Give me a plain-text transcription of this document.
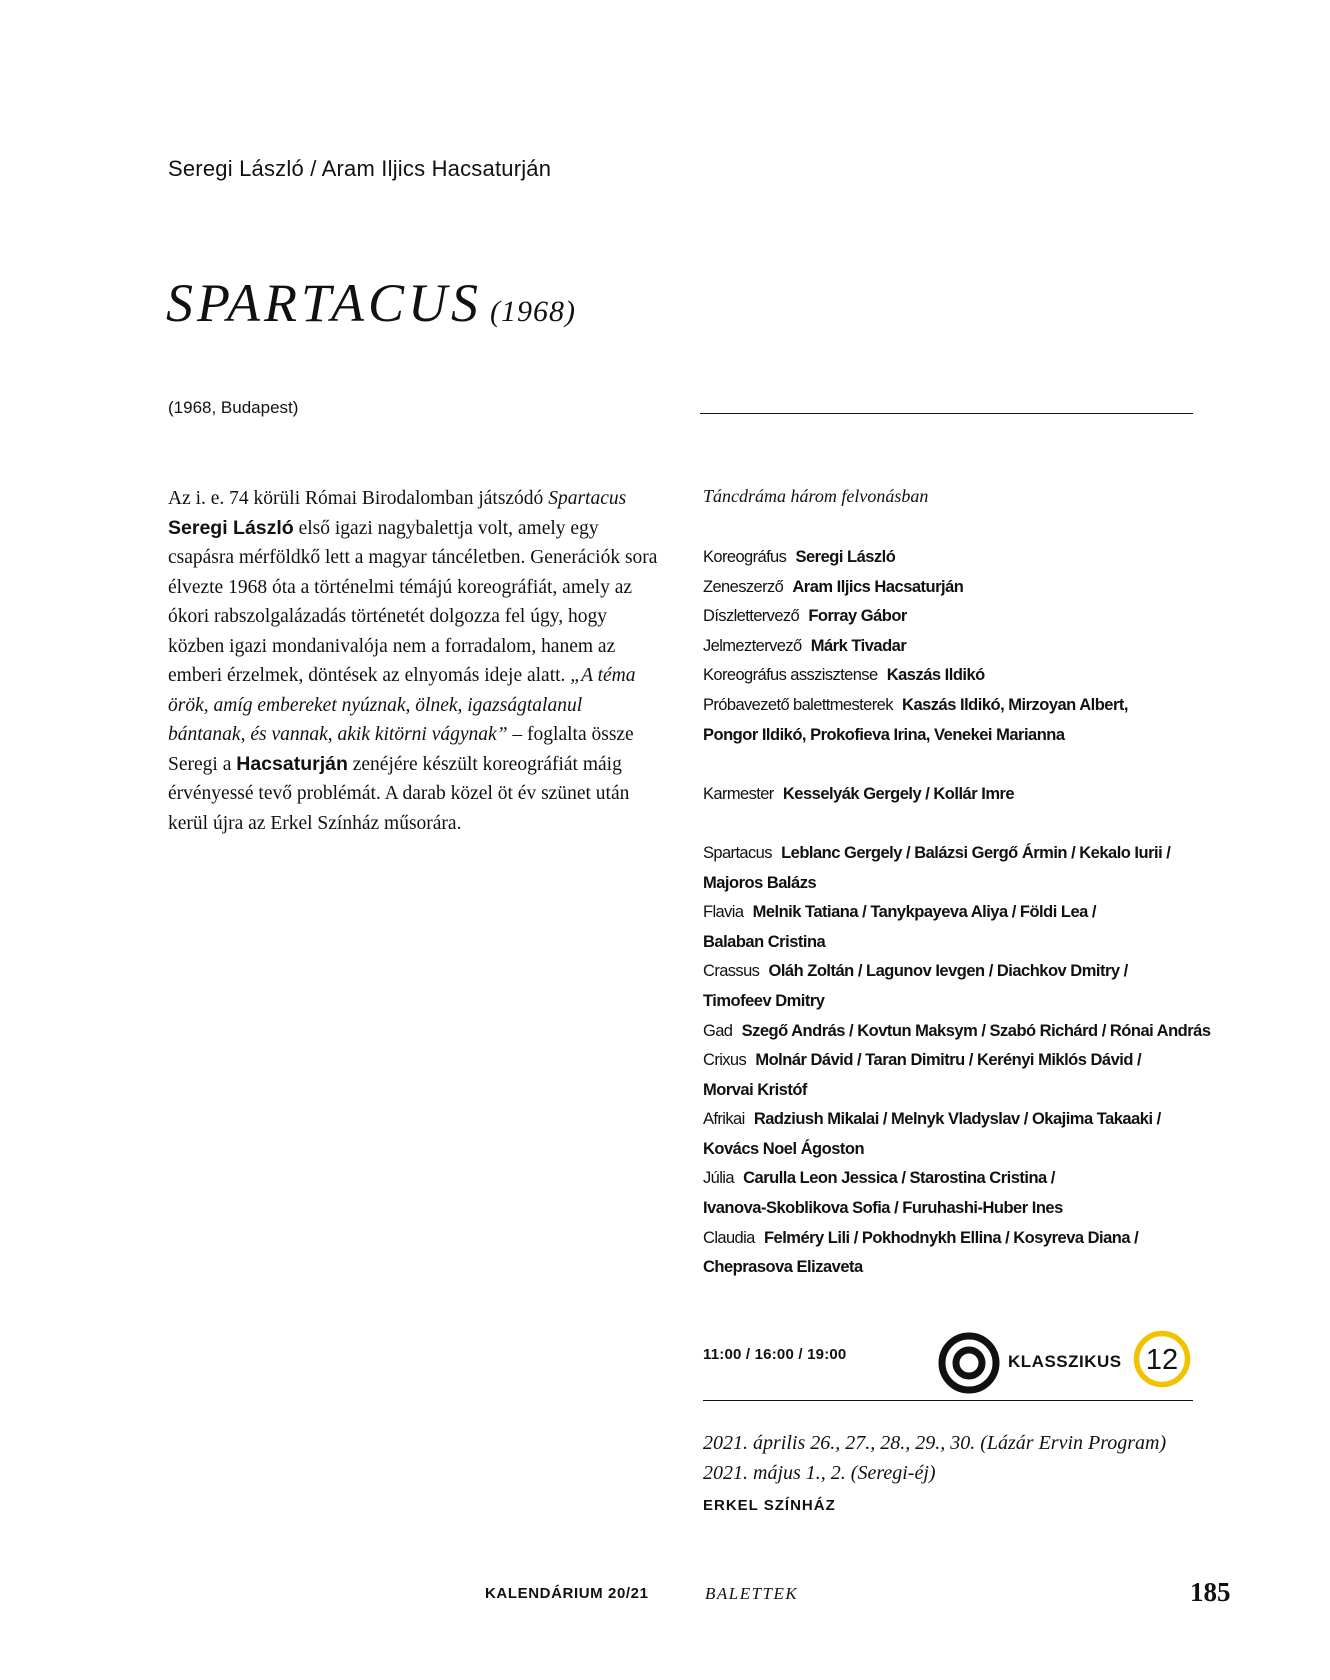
Seregi László / Aram Iljics Hacsaturján
SPARTACUS (1968)
(1968, Budapest)
Az i. e. 74 körüli Római Birodalomban játszódó Spartacus Seregi László első igazi nagybalettja volt, amely egy csapásra mérföldkő lett a magyar táncéletben. Generációk sora élvezte 1968 óta a történelmi témájú koreográfiát, amely az ókori rabszolgalázadás történetét dolgozza fel úgy, hogy közben igazi mondanivalója nem a forradalom, hanem az emberi érzelmek, döntések az elnyomás ideje alatt. „A téma örök, amíg embereket nyúznak, ölnek, igazságtalanul bántanak, és vannak, akik kitörni vágynak” – foglalta össze Seregi a Hacsaturján zenéjére készült koreográfiát máig érvényessé tevő problémát. A darab közel öt év szünet után kerül újra az Erkel Színház műsorára.
Táncdráma három felvonásban

Koreográfus Seregi László

Zeneszerző Aram Iljics Hacsaturján

Díszlettervező Forray Gábor

Jelmeztervező Márk Tivadar

Koreográfus asszisztense Kaszás Ildikó

Próbavezető balettmesterek Kaszás Ildikó, Mirzoyan Albert,
Pongor Ildikó, Prokofieva Irina, Venekei Marianna

Karmester Kesselyák Gergely / Kollár Imre

Spartacus Leblanc Gergely / Balázsi Gergő Ármin / Kekalo Iurii /
Majoros Balázs

Flavia Melnik Tatiana / Tanykpayeva Aliya / Földi Lea /
Balaban Cristina

Crassus Oláh Zoltán / Lagunov Ievgen / Diachkov Dmitry /
Timofeev Dmitry

Gad Szegő András / Kovtun Maksym / Szabó Richárd / Rónai András

Crixus Molnár Dávid / Taran Dimitru / Kerényi Miklós Dávid /
Morvai Kristóf

Afrikai Radziush Mikalai / Melnyk Vladyslav / Okajima Takaaki /
Kovács Noel Ágoston

Júlia Carulla Leon Jessica / Starostina Cristina /
Ivanova-Skoblikova Sofia / Furuhashi-Huber Ines

Claudia Felméry Lili / Pokhodnykh Ellina / Kosyreva Diana /
Cheprasova Elizaveta

11:00 / 16:00 / 19:00	KLASSZIKUS 12
2021. április 26., 27., 28., 29., 30. (Lázár Ervin Program)
2021. május 1., 2. (Seregi-éj)
ERKEL SZÍNHÁZ
KALENDÁRIUM 20/21	BALETTEK	185
